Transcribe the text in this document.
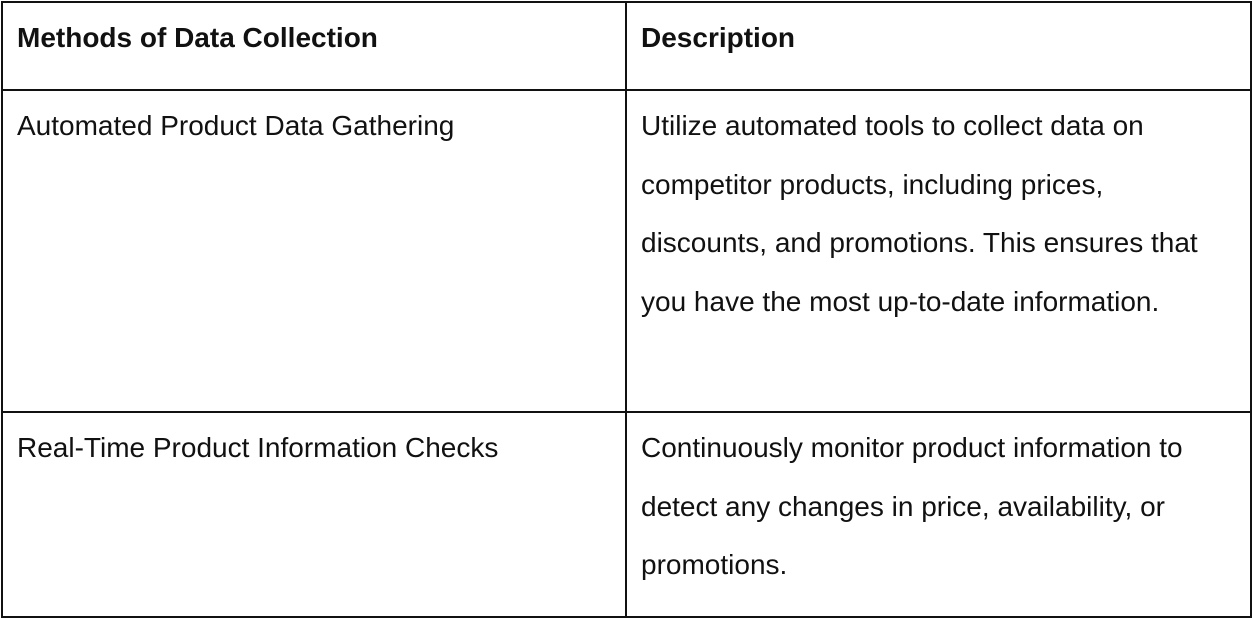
Methods of Data Collection	Description

Automated Product Data Gathering	Utilize automated tools to collect data on competitor products, including prices, discounts, and promotions. This ensures that you have the most up-to-date information.

Real-Time Product Information Checks	Continuously monitor product information to detect any changes in price, availability, or promotions.
